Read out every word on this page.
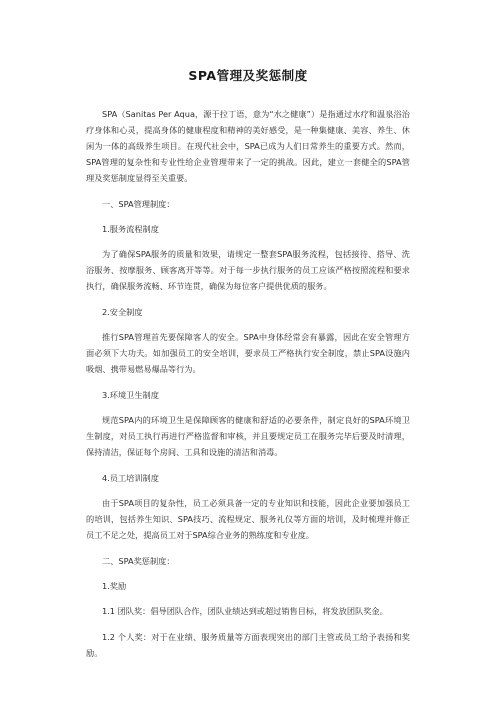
SPA管理及奖惩制度

SPA（Sanitas Per Aqua，源于拉丁语，意为“水之健康”）是指通过水疗和温泉浴治疗身体和心灵，提高身体的健康程度和精神的美好感受，是一种集健康、美容、养生、休闲为一体的高级养生项目。在现代社会中，SPA已成为人们日常养生的重要方式。然而，SPA管理的复杂性和专业性给企业管理带来了一定的挑战。因此，建立一套健全的SPA管理及奖惩制度显得至关重要。

一、SPA管理制度：

1.服务流程制度

为了确保SPA服务的质量和效果，请规定一整套SPA服务流程，包括接待、搭导、洗浴服务、按摩服务、顾客离开等等。对于每一步执行服务的员工应该严格按照流程和要求执行，确保服务流畅、环节连贯，确保为每位客户提供优质的服务。

2.安全制度

推行SPA管理首先要保障客人的安全。SPA中身体经常会有暴露，因此在安全管理方面必须下大功夫。如加强员工的安全培训，要求员工严格执行安全制度，禁止SPA设施内吸烟、携带易燃易爆品等行为。

3.环境卫生制度

规范SPA内的环境卫生是保障顾客的健康和舒适的必要条件，制定良好的SPA环境卫生制度，对员工执行再进行严格监督和审核，并且要规定员工在服务完毕后要及时清理，保持清洁，保证每个房间、工具和设施的清洁和消毒。

4.员工培训制度

由于SPA项目的复杂性，员工必须具备一定的专业知识和技能，因此企业要加强员工的培训，包括养生知识、SPA技巧、流程规定、服务礼仪等方面的培训，及时梳理并修正员工不足之处，提高员工对于SPA综合业务的熟练度和专业度。

二、SPA奖惩制度：

1.奖励

1.1 团队奖：倡导团队合作，团队业绩达到或超过销售目标，将发放团队奖金。

1.2 个人奖：对于在业绩、服务质量等方面表现突出的部门主管或员工给予表扬和奖励。
